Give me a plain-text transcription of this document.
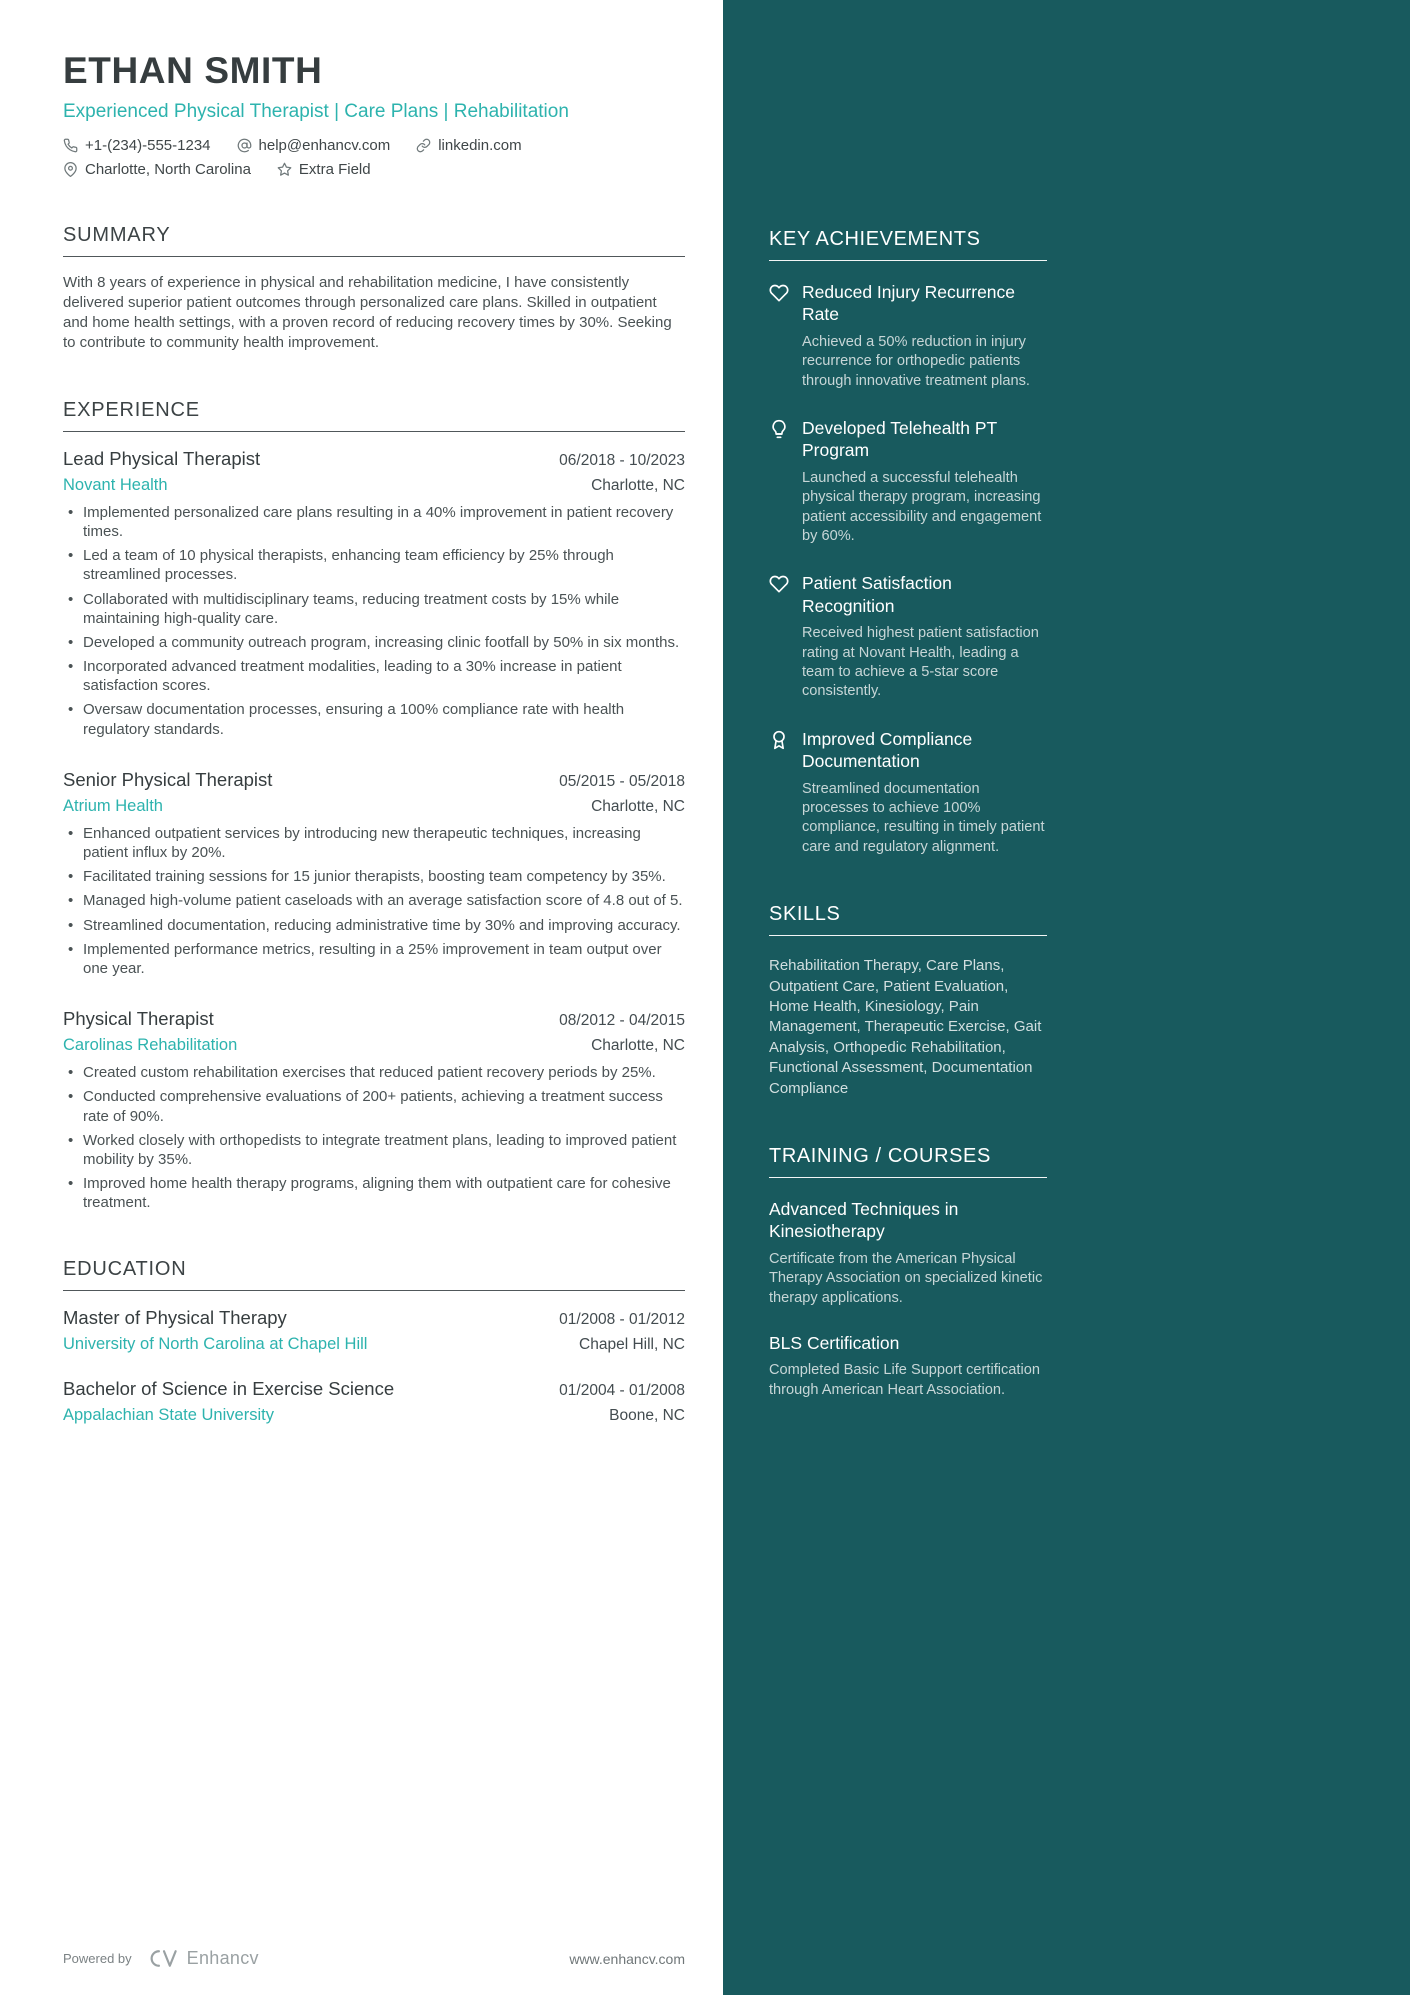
ETHAN SMITH
Experienced Physical Therapist | Care Plans | Rehabilitation
+1-(234)-555-1234	help@enhancv.com	linkedin.com
Charlotte, North Carolina	Extra Field
SUMMARY
With 8 years of experience in physical and rehabilitation medicine, I have consistently delivered superior patient outcomes through personalized care plans. Skilled in outpatient and home health settings, with a proven record of reducing recovery times by 30%. Seeking to contribute to community health improvement.
EXPERIENCE
Lead Physical Therapist	06/2018 - 10/2023
Novant Health	Charlotte, NC
• Implemented personalized care plans resulting in a 40% improvement in patient recovery times.
• Led a team of 10 physical therapists, enhancing team efficiency by 25% through streamlined processes.
• Collaborated with multidisciplinary teams, reducing treatment costs by 15% while maintaining high-quality care.
• Developed a community outreach program, increasing clinic footfall by 50% in six months.
• Incorporated advanced treatment modalities, leading to a 30% increase in patient satisfaction scores.
• Oversaw documentation processes, ensuring a 100% compliance rate with health regulatory standards.
Senior Physical Therapist	05/2015 - 05/2018
Atrium Health	Charlotte, NC
• Enhanced outpatient services by introducing new therapeutic techniques, increasing patient influx by 20%.
• Facilitated training sessions for 15 junior therapists, boosting team competency by 35%.
• Managed high-volume patient caseloads with an average satisfaction score of 4.8 out of 5.
• Streamlined documentation, reducing administrative time by 30% and improving accuracy.
• Implemented performance metrics, resulting in a 25% improvement in team output over one year.
Physical Therapist	08/2012 - 04/2015
Carolinas Rehabilitation	Charlotte, NC
• Created custom rehabilitation exercises that reduced patient recovery periods by 25%.
• Conducted comprehensive evaluations of 200+ patients, achieving a treatment success rate of 90%.
• Worked closely with orthopedists to integrate treatment plans, leading to improved patient mobility by 35%.
• Improved home health therapy programs, aligning them with outpatient care for cohesive treatment.
EDUCATION
Master of Physical Therapy	01/2008 - 01/2012
University of North Carolina at Chapel Hill	Chapel Hill, NC
Bachelor of Science in Exercise Science	01/2004 - 01/2008
Appalachian State University	Boone, NC
Powered by	Enhancv	www.enhancv.com
KEY ACHIEVEMENTS
Reduced Injury Recurrence Rate
Achieved a 50% reduction in injury recurrence for orthopedic patients through innovative treatment plans.
Developed Telehealth PT Program
Launched a successful telehealth physical therapy program, increasing patient accessibility and engagement by 60%.
Patient Satisfaction Recognition
Received highest patient satisfaction rating at Novant Health, leading a team to achieve a 5-star score consistently.
Improved Compliance Documentation
Streamlined documentation processes to achieve 100% compliance, resulting in timely patient care and regulatory alignment.
SKILLS
Rehabilitation Therapy, Care Plans, Outpatient Care, Patient Evaluation, Home Health, Kinesiology, Pain Management, Therapeutic Exercise, Gait Analysis, Orthopedic Rehabilitation, Functional Assessment, Documentation Compliance
TRAINING / COURSES
Advanced Techniques in Kinesiotherapy
Certificate from the American Physical Therapy Association on specialized kinetic therapy applications.
BLS Certification
Completed Basic Life Support certification through American Heart Association.
